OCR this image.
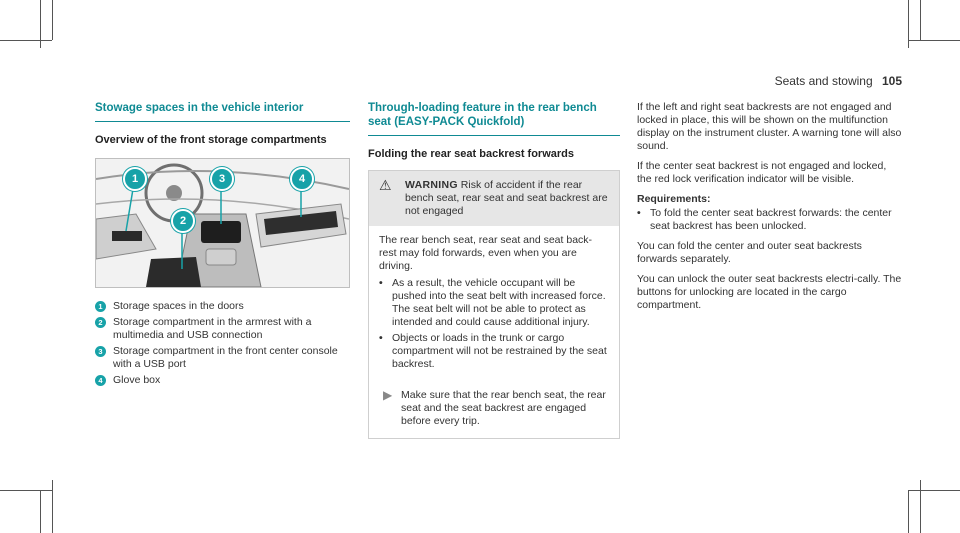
Seats and stowing 105
Stowage spaces in the vehicle interior
Overview of the front storage compartments
1
2
3	4
1 Storage spaces in the doors
2 Storage compartment in the armrest with a multimedia and USB connection
3 Storage compartment in the front center console with a USB port
4 Glove box
Through-loading feature in the rear bench seat (EASY-PACK Quickfold)
Folding the rear seat backrest forwards
⚠	WARNING Risk of accident if the rear bench seat, rear seat and seat backrest are not engaged

The rear bench seat, rear seat and seat back-rest may fold forwards, even when you are driving.

• As a result, the vehicle occupant will be pushed into the seat belt with increased force. The seat belt will not be able to protect as intended and could cause additional injury.
• Objects or loads in the trunk or cargo compartment will not be restrained by the seat backrest.
▶ Make sure that the rear bench seat, the rear seat and the seat backrest are engaged before every trip.

If the left and right seat backrests are not engaged and locked in place, this will be shown on the multifunction display on the instrument cluster. A warning tone will also sound.

If the center seat backrest is not engaged and locked, the red lock verification indicator will be visible.

Requirements:
• To fold the center seat backrest forwards: the center seat backrest has been unlocked.

You can fold the center and outer seat backrests forwards separately.

You can unlock the outer seat backrests electri-cally. The buttons for unlocking are located in the cargo compartment.
